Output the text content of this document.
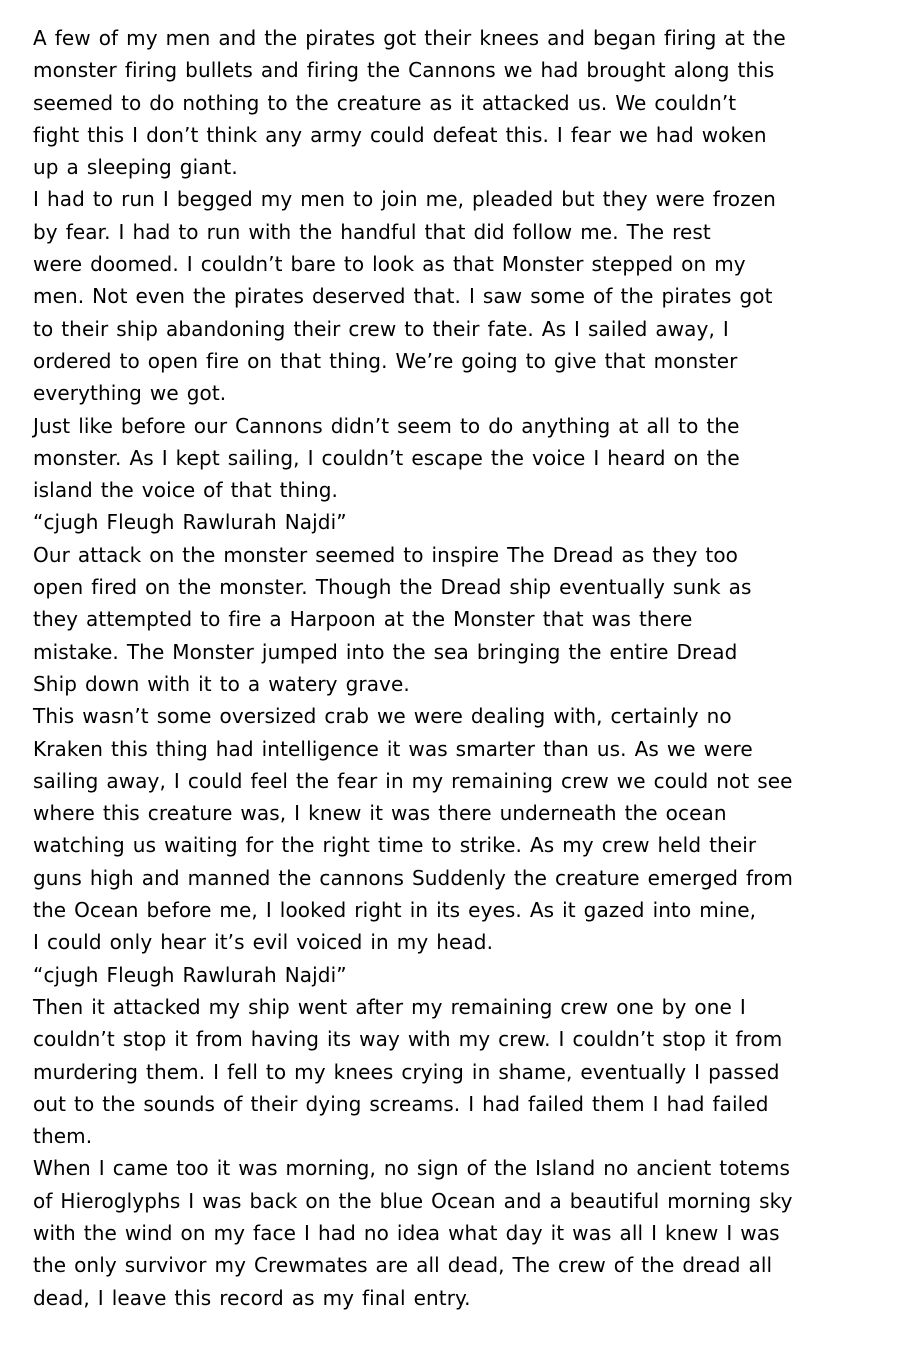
A few of my men and the pirates got their knees and began firing at the
monster firing bullets and firing the Cannons we had brought along this
seemed to do nothing to the creature as it attacked us. We couldn’t
fight this I don’t think any army could defeat this. I fear we had woken
up a sleeping giant.

I had to run I begged my men to join me, pleaded but they were frozen
by fear. I had to run with the handful that did follow me. The rest
were doomed. I couldn’t bare to look as that Monster stepped on my
men. Not even the pirates deserved that. I saw some of the pirates got
to their ship abandoning their crew to their fate. As I sailed away, I
ordered to open fire on that thing. We’re going to give that monster
everything we got.

Just like before our Cannons didn’t seem to do anything at all to the
monster. As I kept sailing, I couldn’t escape the voice I heard on the
island the voice of that thing.

“cjugh Fleugh Rawlurah Najdi”

Our attack on the monster seemed to inspire The Dread as they too
open fired on the monster. Though the Dread ship eventually sunk as
they attempted to fire a Harpoon at the Monster that was there
mistake. The Monster jumped into the sea bringing the entire Dread
Ship down with it to a watery grave.

This wasn’t some oversized crab we were dealing with, certainly no
Kraken this thing had intelligence it was smarter than us. As we were
sailing away, I could feel the fear in my remaining crew we could not see
where this creature was, I knew it was there underneath the ocean
watching us waiting for the right time to strike. As my crew held their
guns high and manned the cannons Suddenly the creature emerged from
the Ocean before me, I looked right in its eyes. As it gazed into mine,
I could only hear it’s evil voiced in my head.

“cjugh Fleugh Rawlurah Najdi”

Then it attacked my ship went after my remaining crew one by one I
couldn’t stop it from having its way with my crew. I couldn’t stop it from
murdering them. I fell to my knees crying in shame, eventually I passed
out to the sounds of their dying screams. I had failed them I had failed
them.

When I came too it was morning, no sign of the Island no ancient totems
of Hieroglyphs I was back on the blue Ocean and a beautiful morning sky
with the wind on my face I had no idea what day it was all I knew I was
the only survivor my Crewmates are all dead, The crew of the dread all
dead, I leave this record as my final entry.
